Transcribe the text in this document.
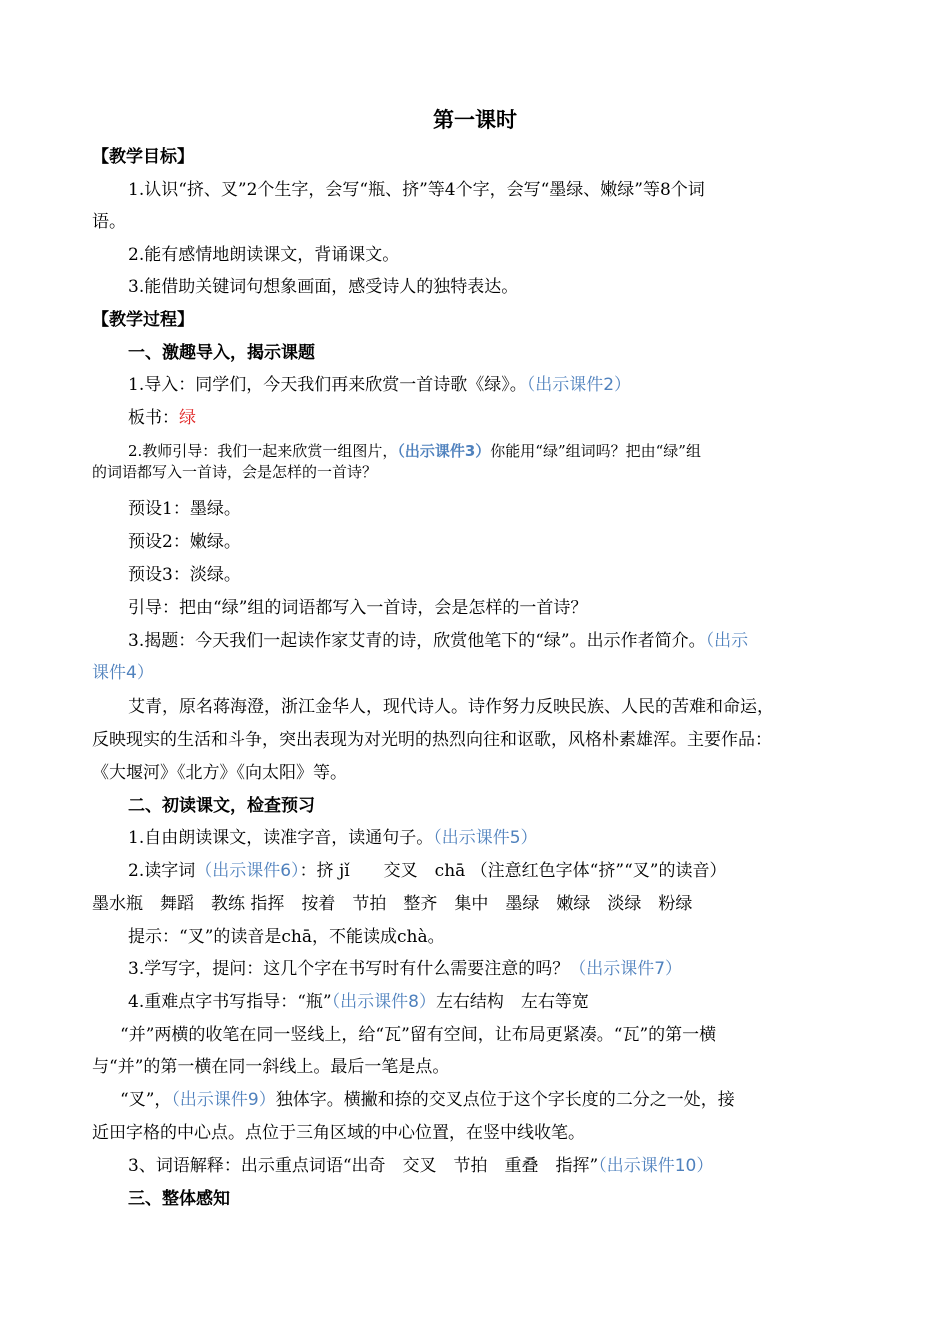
第一课时
【教学目标】
1.认识“挤、叉”2个生字，会写“瓶、挤”等4个字，会写“墨绿、嫩绿”等8个词
语。
2.能有感情地朗读课文，背诵课文。
3.能借助关键词句想象画面，感受诗人的独特表达。
【教学过程】
一、激趣导入，揭示课题
1.导入：同学们，今天我们再来欣赏一首诗歌《绿》。（出示课件2）
板书：绿
2.教师引导：我们一起来欣赏一组图片，（出示课件3）你能用“绿”组词吗？把由“绿”组
的词语都写入一首诗，会是怎样的一首诗？
预设1：墨绿。
预设2：嫩绿。
预设3：淡绿。
引导：把由“绿”组的词语都写入一首诗，会是怎样的一首诗？
3.揭题：今天我们一起读作家艾青的诗，欣赏他笔下的“绿”。出示作者简介。（出示
课件4）
艾青，原名蒋海澄，浙江金华人，现代诗人。诗作努力反映民族、人民的苦难和命运，
反映现实的生活和斗争，突出表现为对光明的热烈向往和讴歌，风格朴素雄浑。主要作品：
《大堰河》《北方》《向太阳》等。
二、初读课文，检查预习
1.自由朗读课文，读准字音，读通句子。（出示课件5）
2.读字词（出示课件6）：挤 jǐ　　交叉　chā （注意红色字体“挤”“叉”的读音）
墨水瓶　舞蹈　教练 指挥　按着　节拍　整齐　集中　墨绿　嫩绿　淡绿　粉绿
提示：“叉”的读音是chā，不能读成chà。
3.学写字，提问：这几个字在书写时有什么需要注意的吗？（出示课件7）
4.重难点字书写指导：“瓶”（出示课件8）左右结构　左右等宽
“并”两横的收笔在同一竖线上，给“瓦”留有空间，让布局更紧凑。“瓦”的第一横
与“并”的第一横在同一斜线上。最后一笔是点。
“叉”，（出示课件9）独体字。横撇和捺的交叉点位于这个字长度的二分之一处，接
近田字格的中心点。点位于三角区域的中心位置，在竖中线收笔。
3、词语解释：出示重点词语“出奇　交叉　节拍　重叠　指挥”（出示课件10）
三、整体感知
